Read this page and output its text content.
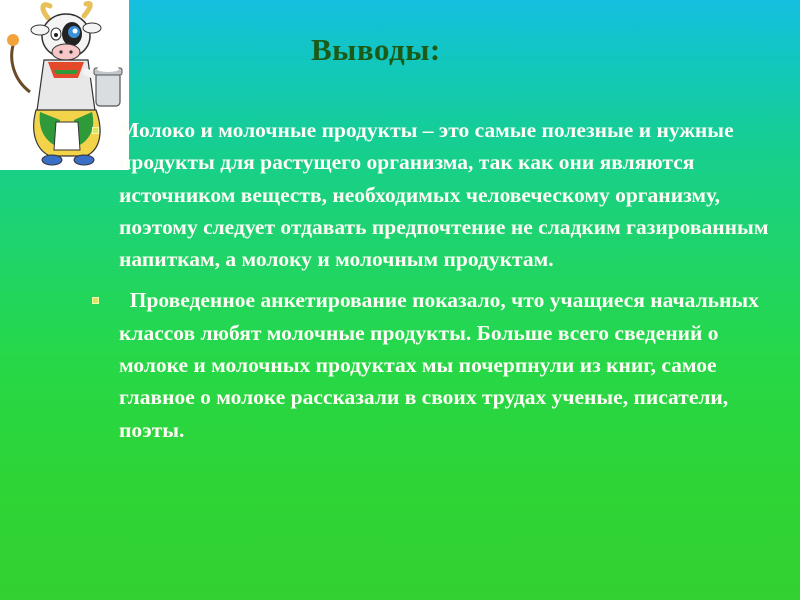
Выводы:
Молоко и молочные продукты – это самые полезные и нужные продукты для растущего организма, так как они являются источником веществ, необходимых человеческому организму, поэтому следует отдавать предпочтение не сладким газированным напиткам, а молоку и молочным продуктам.
Проведенное анкетирование показало, что учащиеся начальных классов любят молочные продукты. Больше всего сведений о молоке и молочных продуктах мы почерпнули из книг, самое главное о молоке рассказали в своих трудах ученые, писатели, поэты.
